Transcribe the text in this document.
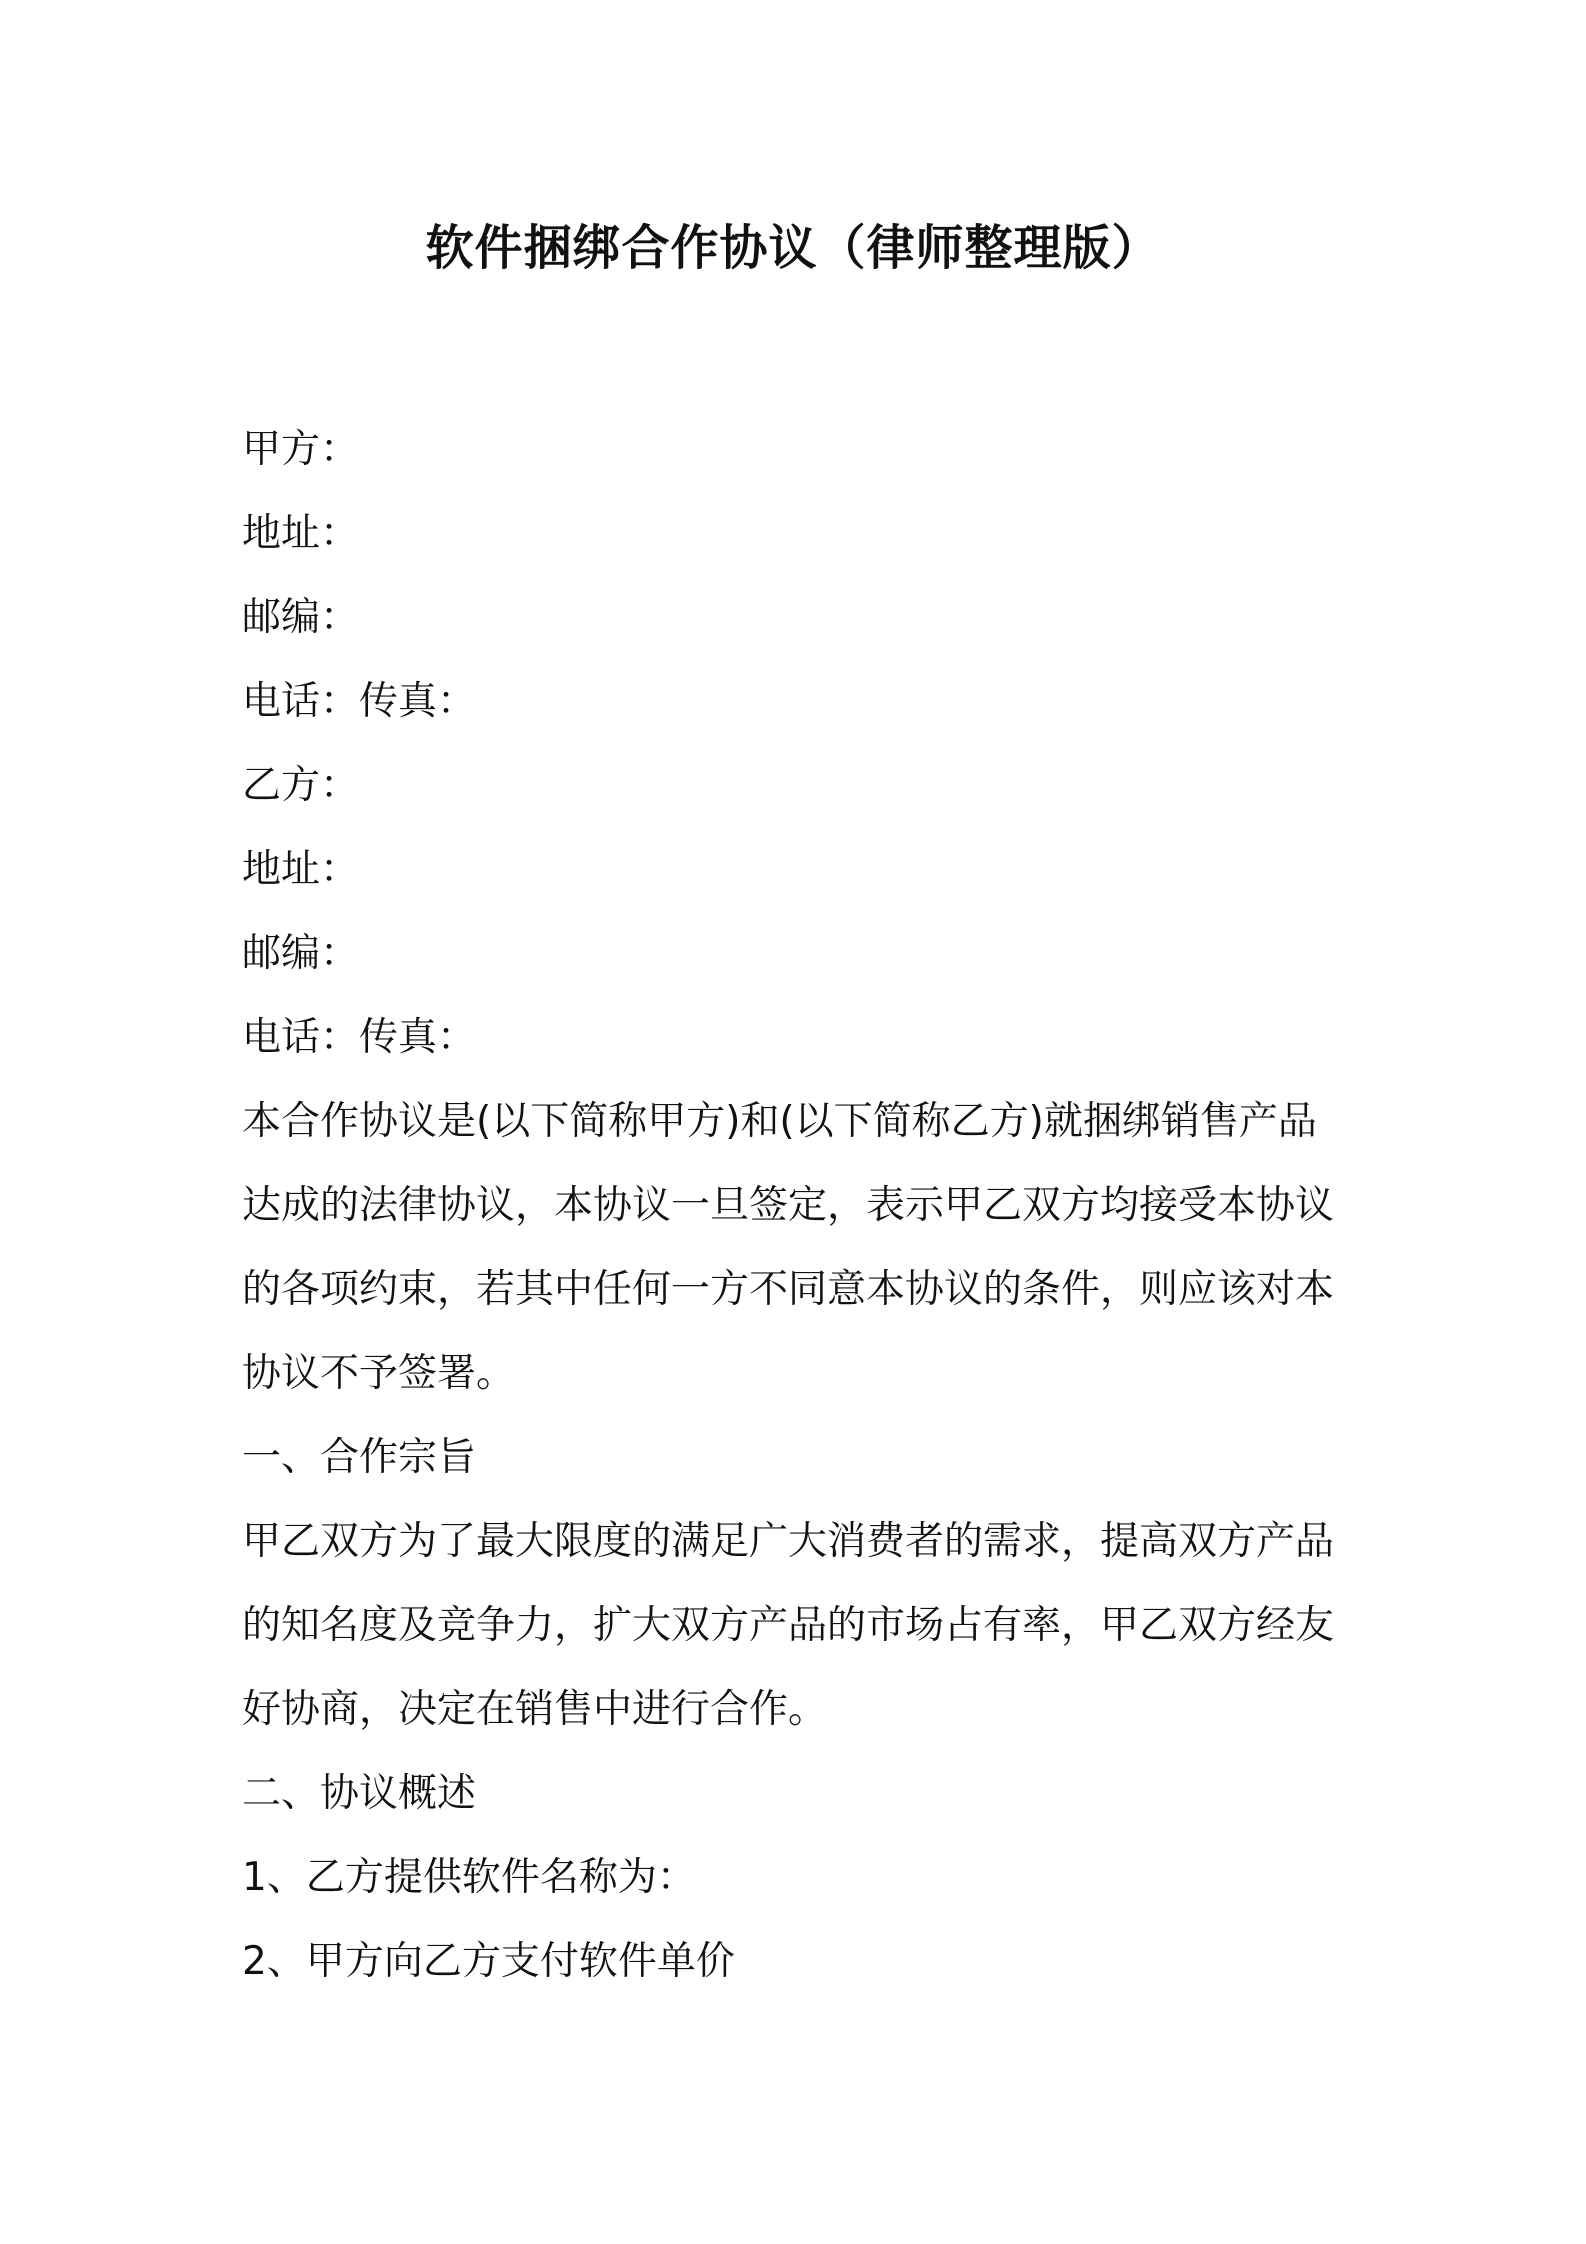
软件捆绑合作协议（律师整理版）

甲方：

地址：

邮编：

电话：传真：

乙方：

地址：

邮编：

电话：传真：

本合作协议是(以下简称甲方)和(以下简称乙方)就捆绑销售产品

达成的法律协议，本协议一旦签定，表示甲乙双方均接受本协议

的各项约束，若其中任何一方不同意本协议的条件，则应该对本

协议不予签署。

一、合作宗旨

甲乙双方为了最大限度的满足广大消费者的需求，提高双方产品

的知名度及竞争力，扩大双方产品的市场占有率，甲乙双方经友

好协商，决定在销售中进行合作。

二、协议概述

1、乙方提供软件名称为：

2、甲方向乙方支付软件单价
